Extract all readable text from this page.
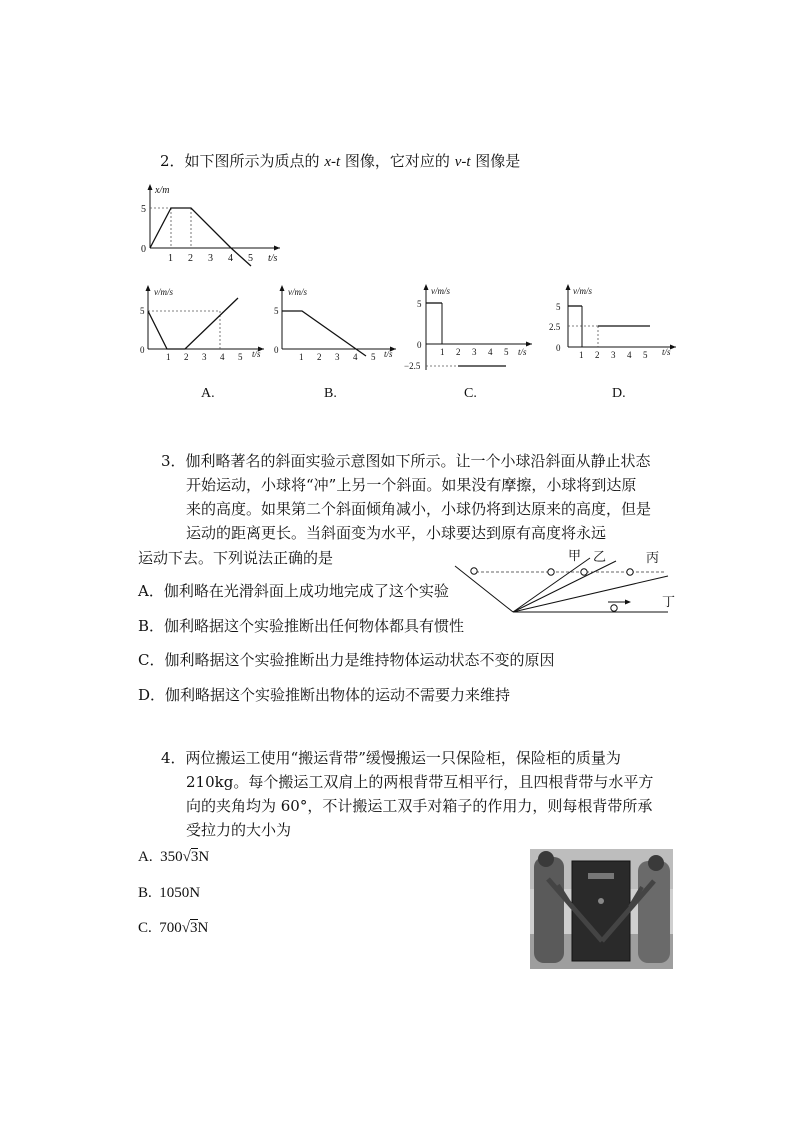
2．如下图所示为质点的 x-t 图像，它对应的 v-t 图像是
x/m
t/s
5
0
1 2 3 4 5
v/m/s
t/s
5
0
1 2 3 4 5
v/m/s
t/s
5
0
1 2 3 4 5
v/m/s
t/s
5
0
−2.5
1 2 3 4 5
v/m/s
t/s
5
2.5
0
1 2 3 4 5
A.	B.	C.	D.
3．伽利略著名的斜面实验示意图如下所示。让一个小球沿斜面从静止状态
开始运动，小球将“冲”上另一个斜面。如果没有摩擦，小球将到达原
来的高度。如果第二个斜面倾角减小，小球仍将到达原来的高度，但是
运动的距离更长。当斜面变为水平，小球要达到原有高度将永远
运动下去。下列说法正确的是
A．伽利略在光滑斜面上成功地完成了这个实验
B．伽利略据这个实验推断出任何物体都具有惯性
C．伽利略据这个实验推断出力是维持物体运动状态不变的原因
D．伽利略据这个实验推断出物体的运动不需要力来维持
甲 乙	丙
丁
4．两位搬运工使用“搬运背带”缓慢搬运一只保险柜，保险柜的质量为
210kg。每个搬运工双肩上的两根背带互相平行，且四根背带与水平方
向的夹角均为 60°，不计搬运工双手对箱子的作用力，则每根背带所承
受拉力的大小为
A. 350√3N
B. 1050N
C. 700√3N
